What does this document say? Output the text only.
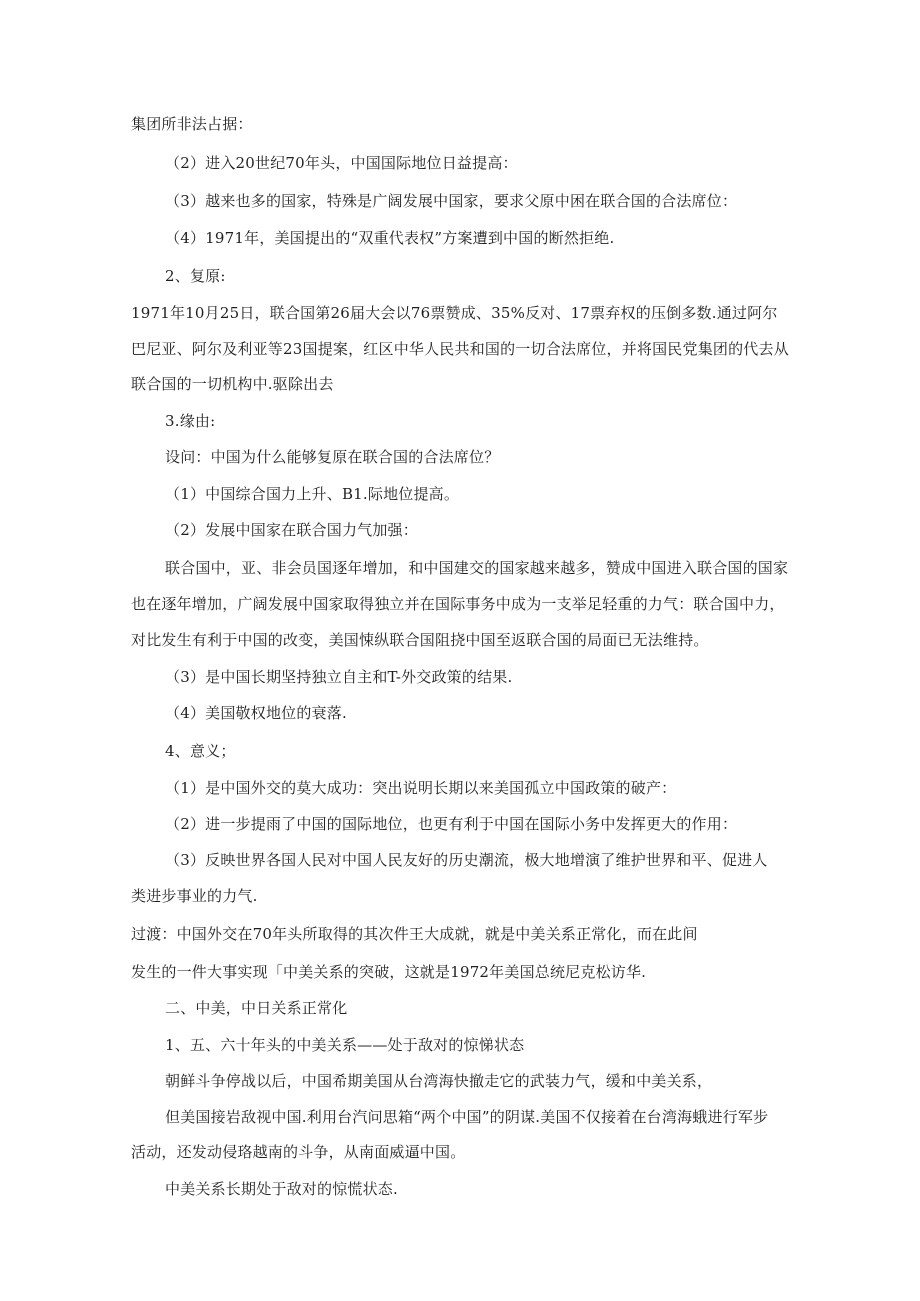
集团所非法占据：
（2）进入20世纪70年头，中国国际地位日益提高：
（3）越来也多的国家，特殊是广阔发展中国家，要求父原中困在联合国的合法席位：
（4）1971年，美国提出的“双重代表权”方案遭到中国的断然拒绝.
2、复原:
1971年10月25日，联合国第26届大会以76票赞成、35%反对、17票弃权的压倒多数.通过阿尔
巴尼亚、阿尔及利亚等23国提案，红区中华人民共和国的一切合法席位，并将国民党集团的代去从
联合国的一切机构中.驱除出去
3.缘由:
设问：中国为什么能够复原在联合国的合法席位？
（1）中国综合国力上升、B1.际地位提高。
（2）发展中国家在联合国力气加强：
联合国中，亚、非会员国逐年增加，和中国建交的国家越来越多，赞成中国进入联合国的国家
也在逐年增加，广阔发展中国家取得独立并在国际事务中成为一支举足轻重的力气：联合国中力，
对比发生有利于中国的改变，美国悚纵联合国阻挠中国至返联合国的局面已无法维持。
（3）是中国长期坚持独立自主和T-外交政策的结果.
（4）美国敬权地位的衰落.
4、意义；
（1）是中国外交的莫大成功：突出说明长期以来美国孤立中国政策的破产：
（2）进一步提雨了中国的国际地位，也更有利于中国在国际小务中发挥更大的作用：
（3）反映世界各国人民对中国人民友好的历史潮流，极大地增演了维护世界和平、促进人
类进步事业的力气.
过渡：中国外交在70年头所取得的其次件王大成就，就是中美关系正常化，而在此间
发生的一件大事实现「中美关系的突破，这就是1972年美国总统尼克松访华.
二、中美，中日关系正常化
1、五、六十年头的中美关系——处于敌对的惊悌状态
朝鲜斗争停战以后，中国希期美国从台湾海快撤走它的武装力气，缓和中美关系，
但美国接岩敌视中国.利用台汽问思箱“两个中国”的阴谋.美国不仅接着在台湾海蛾进行军步
活动，还发动侵珞越南的斗争，从南面威逼中国。
中美关系长期处于敌对的惊慌状态.
